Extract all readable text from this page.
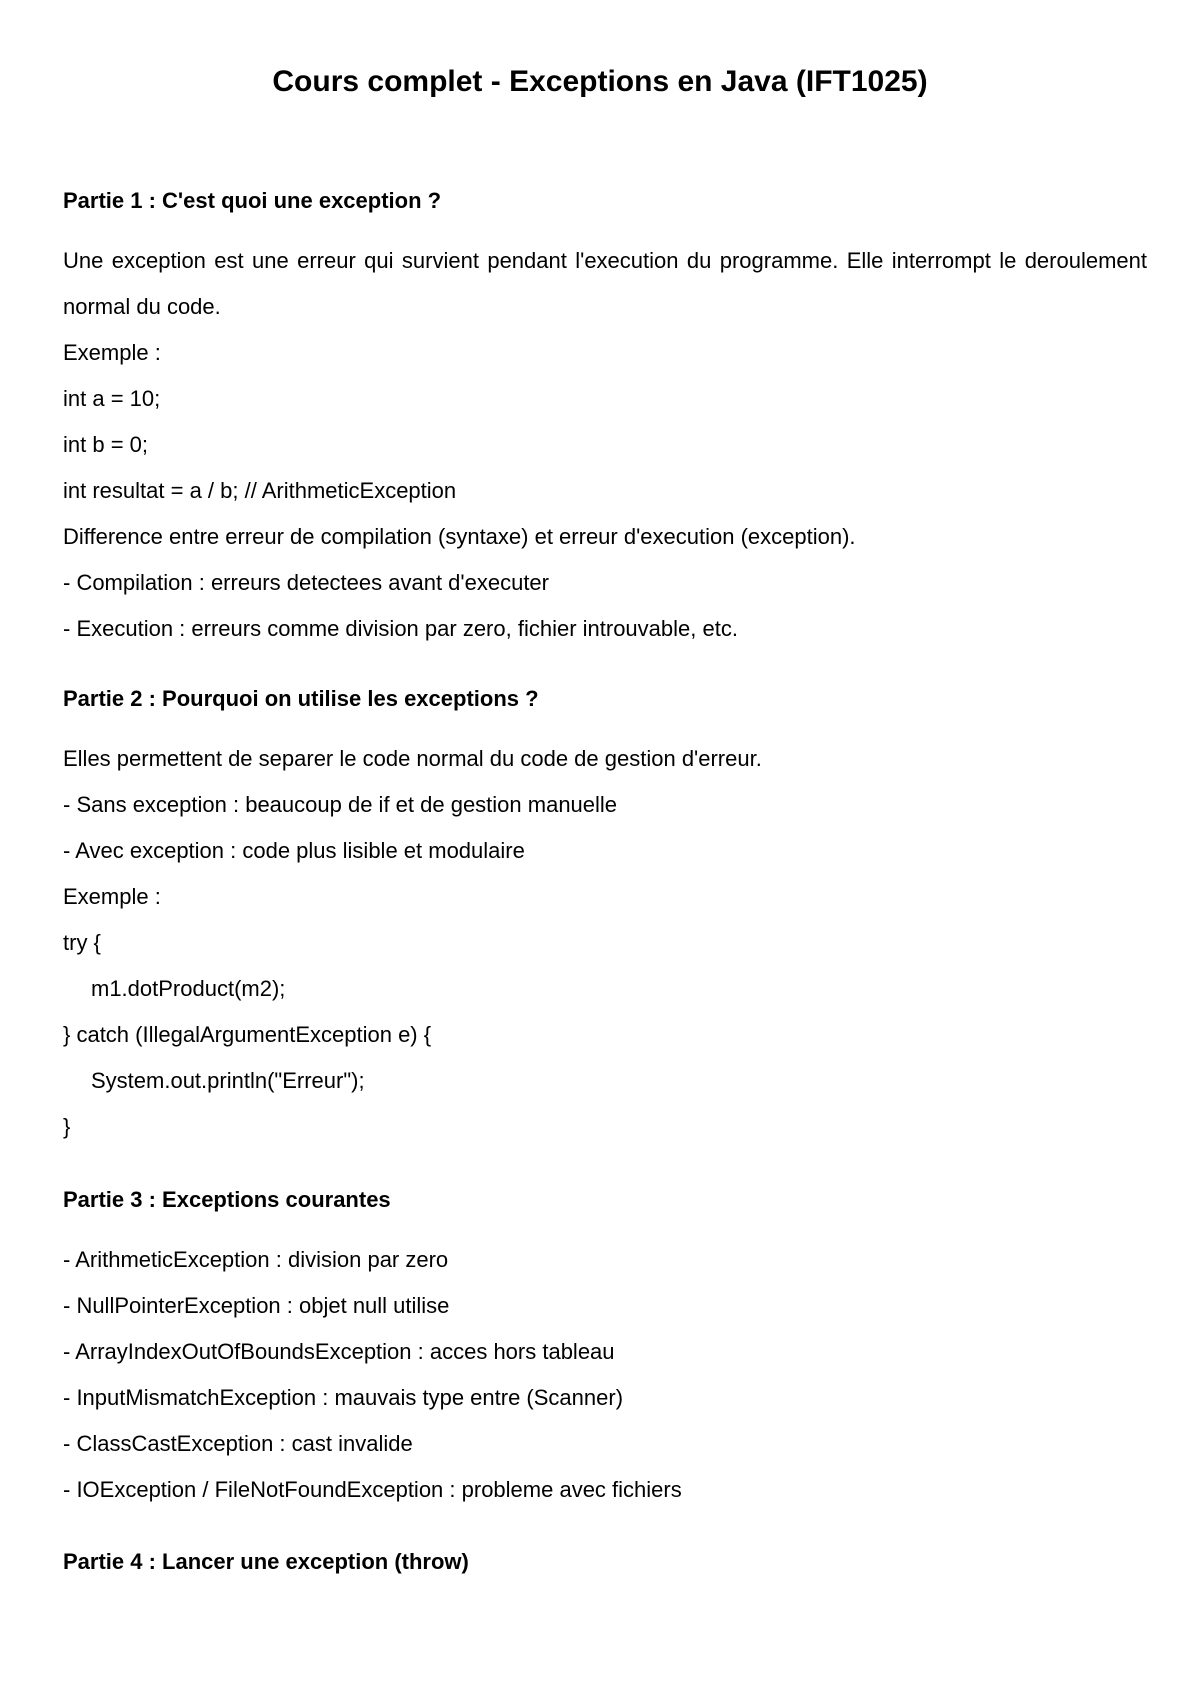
Cours complet - Exceptions en Java (IFT1025)

Partie 1 : C'est quoi une exception ?

Une exception est une erreur qui survient pendant l'execution du programme. Elle interrompt le deroulement normal du code.

Exemple :

int a = 10;

int b = 0;

int resultat = a / b; // ArithmeticException

Difference entre erreur de compilation (syntaxe) et erreur d'execution (exception).

- Compilation : erreurs detectees avant d'executer

- Execution : erreurs comme division par zero, fichier introuvable, etc.

Partie 2 : Pourquoi on utilise les exceptions ?

Elles permettent de separer le code normal du code de gestion d'erreur.

- Sans exception : beaucoup de if et de gestion manuelle

- Avec exception : code plus lisible et modulaire

Exemple :

try {

m1.dotProduct(m2);

} catch (IllegalArgumentException e) {

System.out.println("Erreur");

}

Partie 3 : Exceptions courantes

- ArithmeticException : division par zero

- NullPointerException : objet null utilise

- ArrayIndexOutOfBoundsException : acces hors tableau

- InputMismatchException : mauvais type entre (Scanner)

- ClassCastException : cast invalide

- IOException / FileNotFoundException : probleme avec fichiers

Partie 4 : Lancer une exception (throw)
